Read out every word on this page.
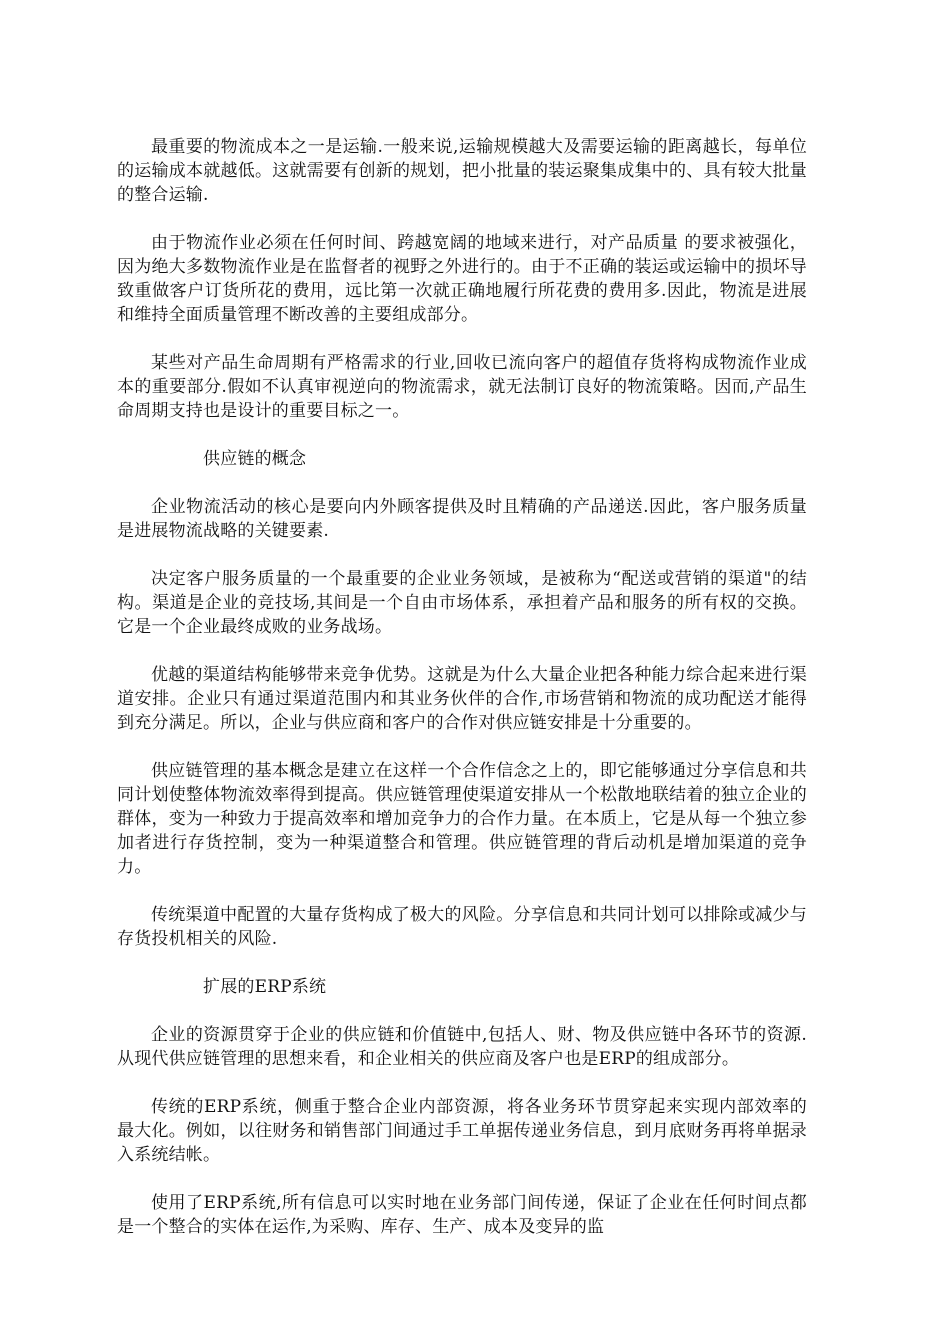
最重要的物流成本之一是运输.一般来说,运输规模越大及需要运输的距离越长，每单位的运输成本就越低。这就需要有创新的规划，把小批量的装运聚集成集中的、具有较大批量的整合运输.

由于物流作业必须在任何时间、跨越宽阔的地域来进行，对产品质量 的要求被强化，因为绝大多数物流作业是在监督者的视野之外进行的。由于不正确的装运或运输中的损坏导致重做客户订货所花的费用，远比第一次就正确地履行所花费的费用多.因此，物流是进展和维持全面质量管理不断改善的主要组成部分。

某些对产品生命周期有严格需求的行业,回收已流向客户的超值存货将构成物流作业成本的重要部分.假如不认真审视逆向的物流需求，就无法制订良好的物流策略。因而,产品生命周期支持也是设计的重要目标之一。

供应链的概念

企业物流活动的核心是要向内外顾客提供及时且精确的产品递送.因此，客户服务质量是进展物流战略的关键要素.

决定客户服务质量的一个最重要的企业业务领域，是被称为“配送或营销的渠道"的结构。渠道是企业的竞技场,其间是一个自由市场体系，承担着产品和服务的所有权的交换。它是一个企业最终成败的业务战场。

优越的渠道结构能够带来竞争优势。这就是为什么大量企业把各种能力综合起来进行渠道安排。企业只有通过渠道范围内和其业务伙伴的合作,市场营销和物流的成功配送才能得到充分满足。所以，企业与供应商和客户的合作对供应链安排是十分重要的。

供应链管理的基本概念是建立在这样一个合作信念之上的，即它能够通过分享信息和共同计划使整体物流效率得到提高。供应链管理使渠道安排从一个松散地联结着的独立企业的群体，变为一种致力于提高效率和增加竞争力的合作力量。在本质上，它是从每一个独立参加者进行存货控制，变为一种渠道整合和管理。供应链管理的背后动机是增加渠道的竞争力。

传统渠道中配置的大量存货构成了极大的风险。分享信息和共同计划可以排除或减少与存货投机相关的风险.

扩展的ERP系统

企业的资源贯穿于企业的供应链和价值链中,包括人、财、物及供应链中各环节的资源.从现代供应链管理的思想来看，和企业相关的供应商及客户也是ERP的组成部分。

传统的ERP系统，侧重于整合企业内部资源，将各业务环节贯穿起来实现内部效率的最大化。例如，以往财务和销售部门间通过手工单据传递业务信息，到月底财务再将单据录入系统结帐。

使用了ERP系统,所有信息可以实时地在业务部门间传递，保证了企业在任何时间点都是一个整合的实体在运作,为采购、库存、生产、成本及变异的监
